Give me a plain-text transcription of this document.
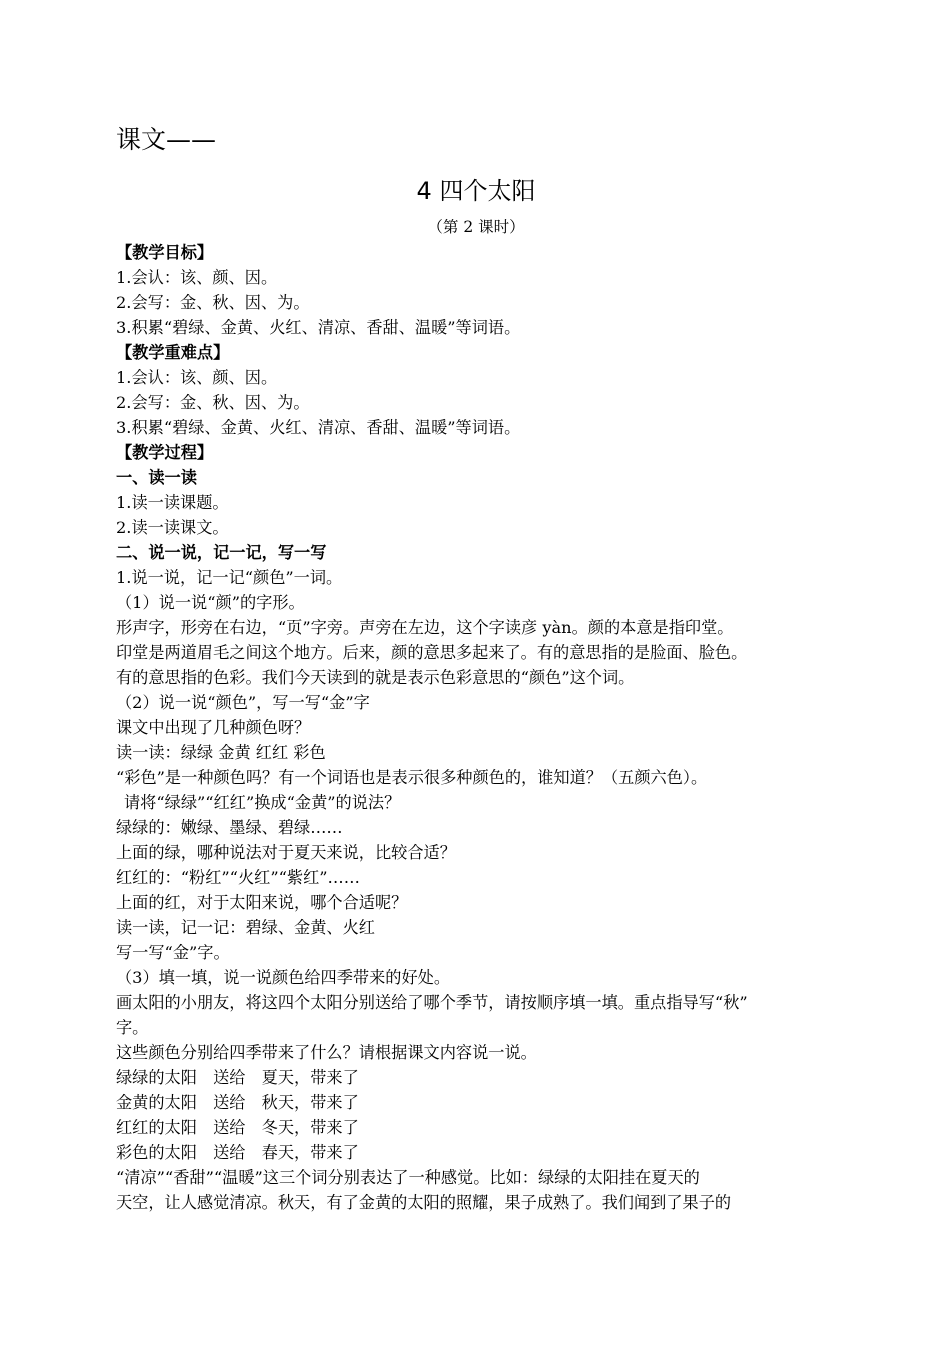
课文——
4 四个太阳
（第 2 课时）
【教学目标】
1.会认：该、颜、因。
2.会写：金、秋、因、为。
3.积累“碧绿、金黄、火红、清凉、香甜、温暖”等词语。
【教学重难点】
1.会认：该、颜、因。
2.会写：金、秋、因、为。
3.积累“碧绿、金黄、火红、清凉、香甜、温暖”等词语。
【教学过程】
一、读一读
1.读一读课题。
2.读一读课文。
二、说一说，记一记，写一写
1.说一说，记一记“颜色”一词。
（1）说一说“颜”的字形。
形声字，形旁在右边，“页”字旁。声旁在左边，这个字读彦 yàn。颜的本意是指印堂。
印堂是两道眉毛之间这个地方。后来，颜的意思多起来了。有的意思指的是脸面、脸色。
有的意思指的色彩。我们今天读到的就是表示色彩意思的“颜色”这个词。
（2）说一说“颜色”，写一写“金”字
课文中出现了几种颜色呀？
读一读：绿绿 金黄 红红 彩色
“彩色”是一种颜色吗？有一个词语也是表示很多种颜色的，谁知道？（五颜六色）。
请将“绿绿”“红红”换成“金黄”的说法？
绿绿的：嫩绿、墨绿、碧绿……
上面的绿，哪种说法对于夏天来说，比较合适？
红红的：“粉红”“火红”“紫红”……
上面的红，对于太阳来说，哪个合适呢？
读一读，记一记：碧绿、金黄、火红
写一写“金”字。
（3）填一填，说一说颜色给四季带来的好处。
画太阳的小朋友，将这四个太阳分别送给了哪个季节，请按顺序填一填。重点指导写“秋”
字。
这些颜色分别给四季带来了什么？请根据课文内容说一说。
绿绿的太阳　送给　夏天，带来了
金黄的太阳　送给　秋天，带来了
红红的太阳　送给　冬天，带来了
彩色的太阳　送给　春天，带来了
“清凉”“香甜”“温暖”这三个词分别表达了一种感觉。比如：绿绿的太阳挂在夏天的
天空，让人感觉清凉。秋天，有了金黄的太阳的照耀，果子成熟了。我们闻到了果子的
